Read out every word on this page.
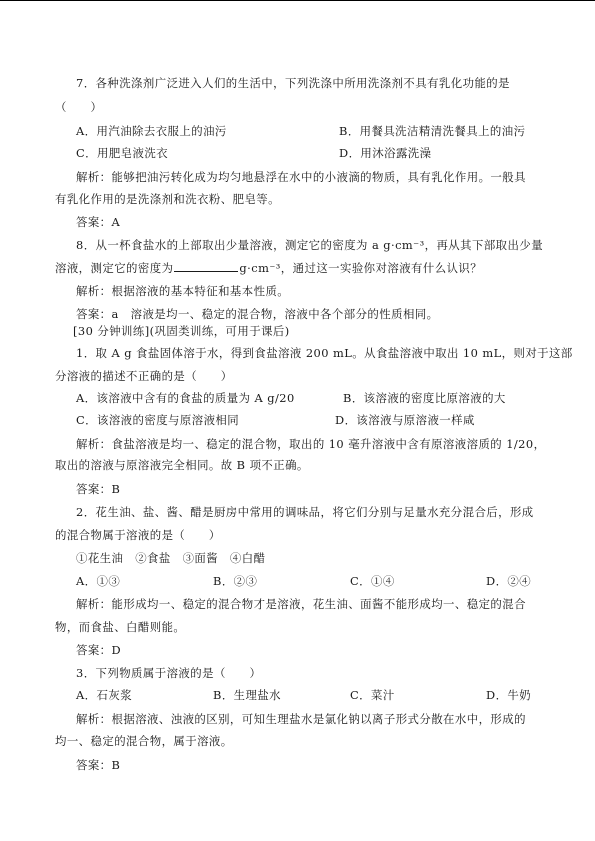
7．各种洗涤剂广泛进入人们的生活中，下列洗涤中所用洗涤剂不具有乳化功能的是
（　　）
A．用汽油除去衣服上的油污	B．用餐具洗洁精清洗餐具上的油污
C．用肥皂液洗衣	D．用沐浴露洗澡
解析：能够把油污转化成为均匀地悬浮在水中的小液滴的物质，具有乳化作用。一般具
有乳化作用的是洗涤剂和洗衣粉、肥皂等。
答案：A
8．从一杯食盐水的上部取出少量溶液，测定它的密度为 a g·cm⁻³，再从其下部取出少量
溶液，测定它的密度为	g·cm⁻³，通过这一实验你对溶液有什么认识？
解析：根据溶液的基本特征和基本性质。
答案：a　溶液是均一、稳定的混合物，溶液中各个部分的性质相同。
[30 分钟训练](巩固类训练，可用于课后)
1．取 A g 食盐固体溶于水，得到食盐溶液 200 mL。从食盐溶液中取出 10 mL，则对于这部
分溶液的描述不正确的是（　　）
A．该溶液中含有的食盐的质量为 A g/20	B．该溶液的密度比原溶液的大
C．该溶液的密度与原溶液相同	D．该溶液与原溶液一样咸
解析：食盐溶液是均一、稳定的混合物，取出的 10 毫升溶液中含有原溶液溶质的 1/20，
取出的溶液与原溶液完全相同。故 B 项不正确。
答案：B
2．花生油、盐、酱、醋是厨房中常用的调味品，将它们分别与足量水充分混合后，形成
的混合物属于溶液的是（　　）
①花生油　②食盐　③面酱　④白醋
A．①③	B．②③	C．①④	D．②④
解析：能形成均一、稳定的混合物才是溶液，花生油、面酱不能形成均一、稳定的混合
物，而食盐、白醋则能。
答案：D
3．下列物质属于溶液的是（　　）
A．石灰浆	B．生理盐水	C．菜汁	D．牛奶
解析：根据溶液、浊液的区别，可知生理盐水是氯化钠以离子形式分散在水中，形成的
均一、稳定的混合物，属于溶液。
答案：B
